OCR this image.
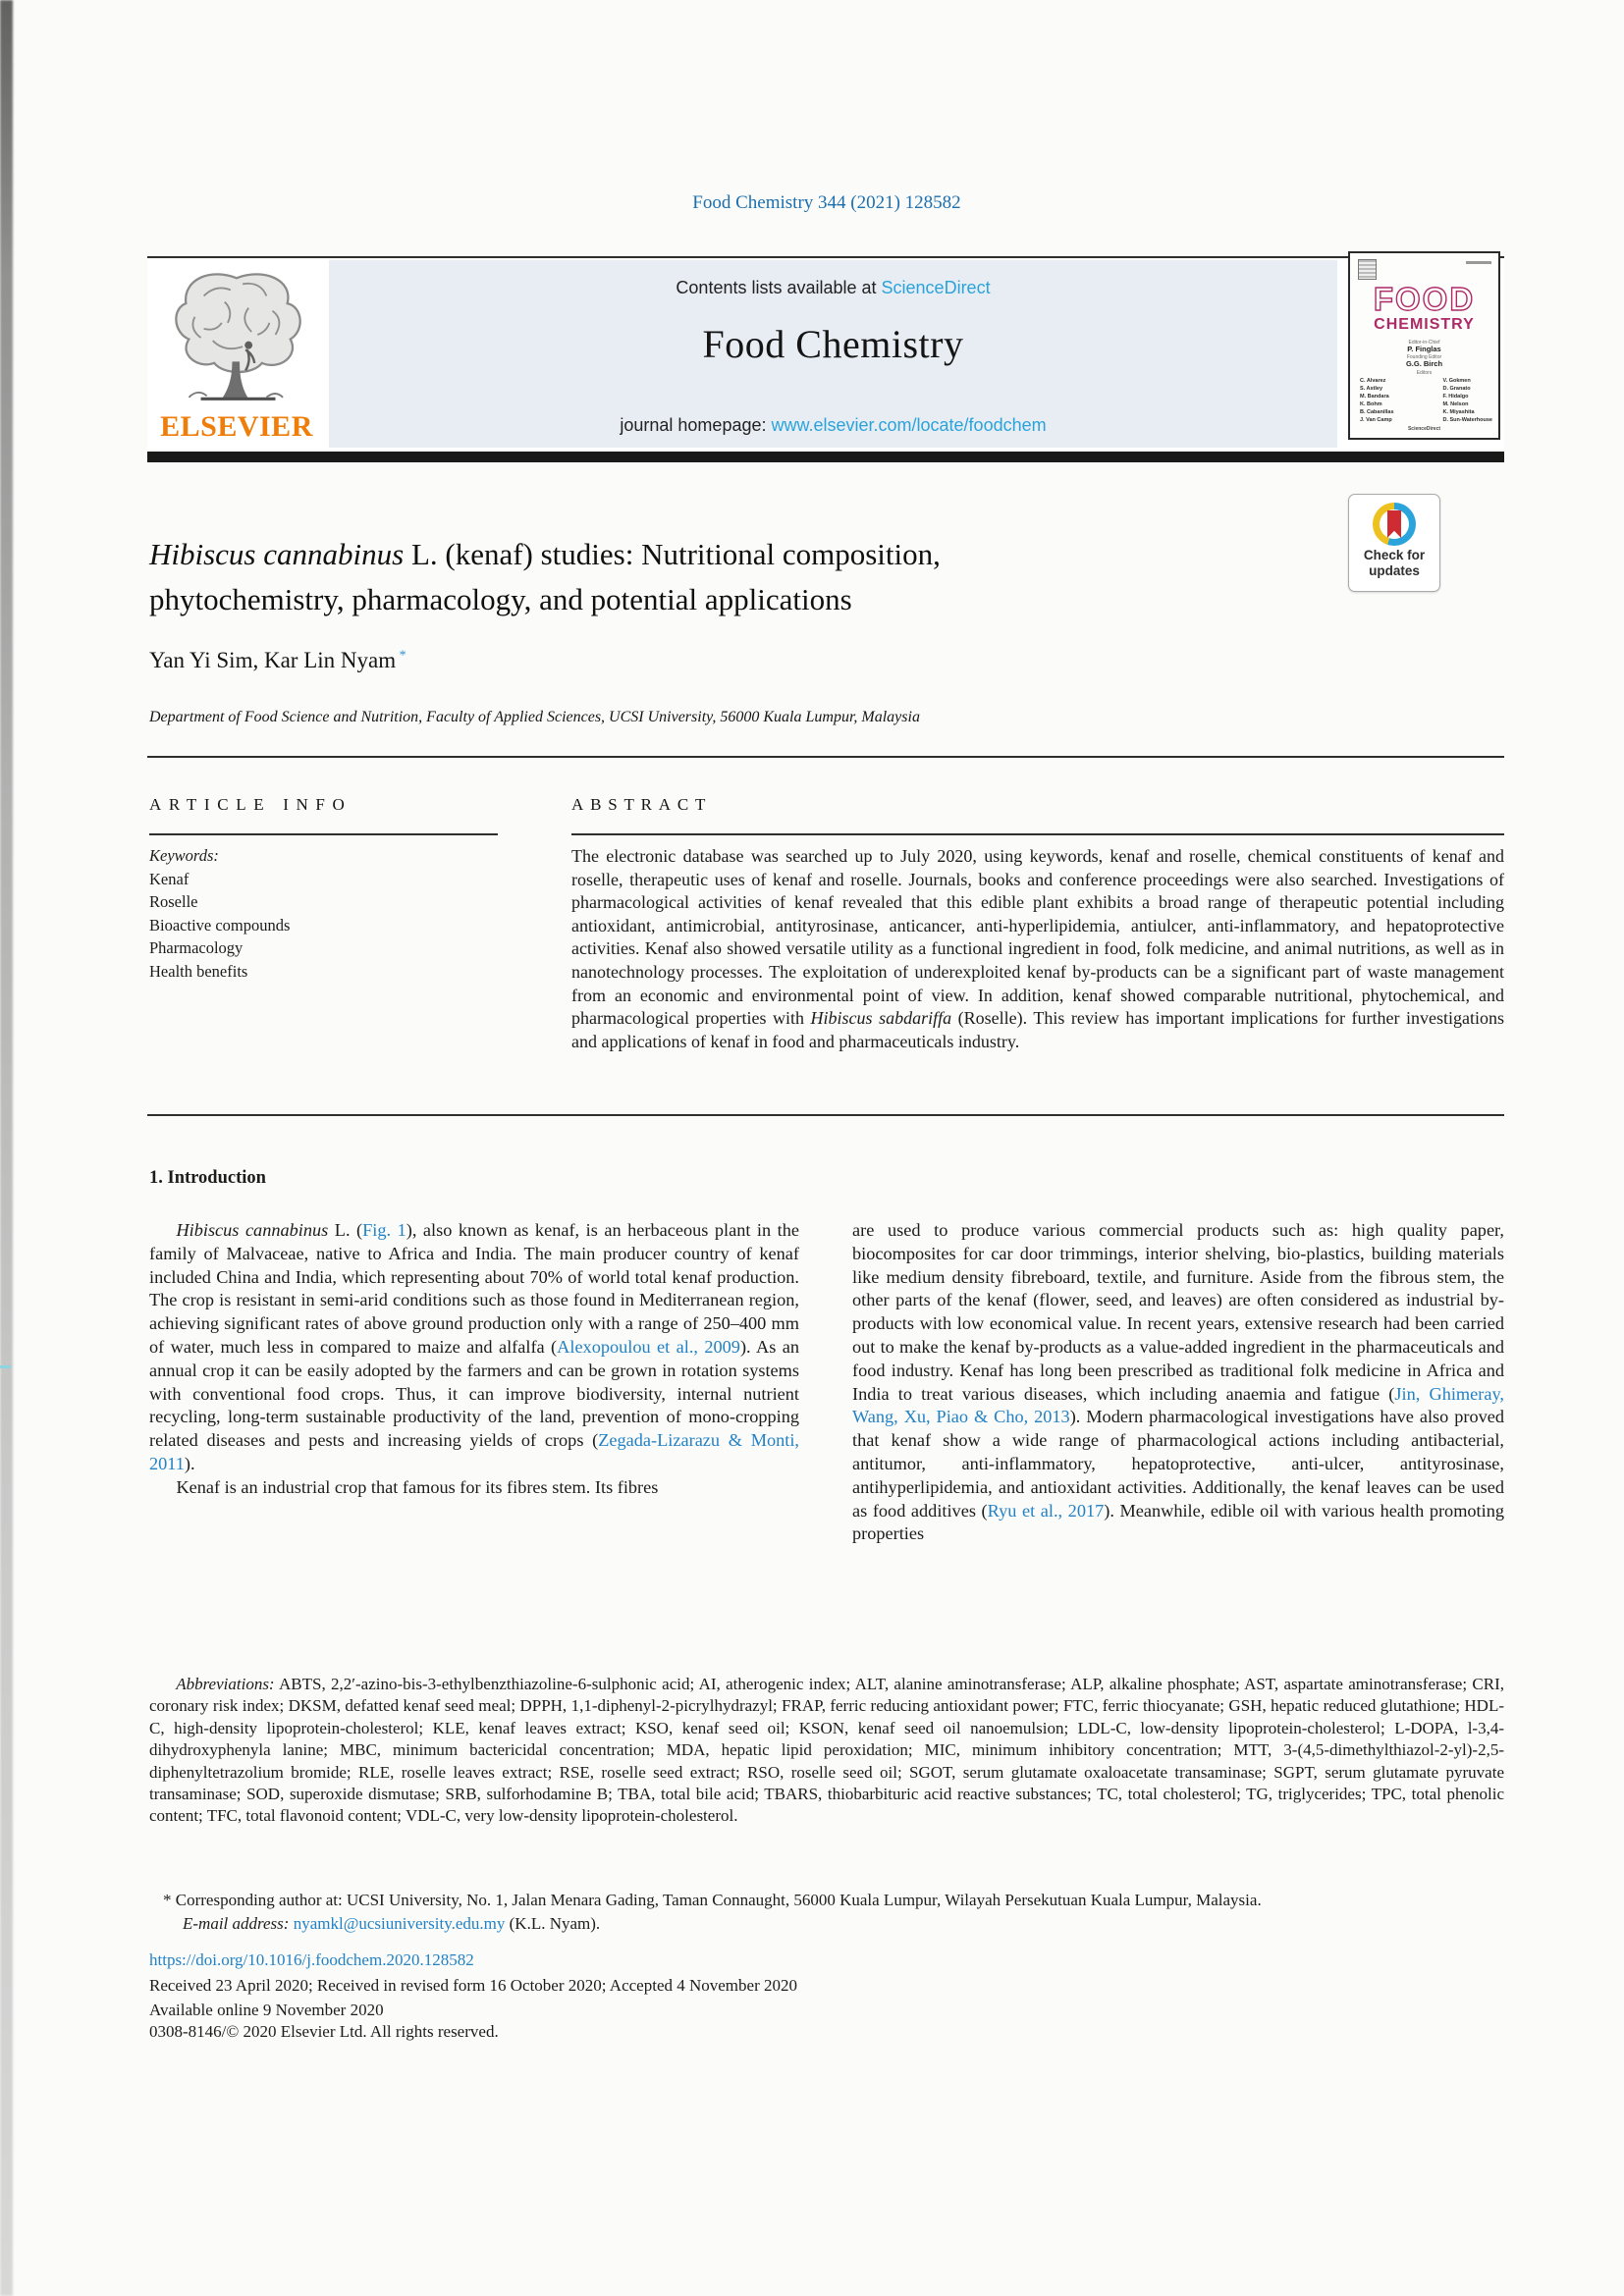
Food Chemistry 344 (2021) 128582
Contents lists available at ScienceDirect
Food Chemistry
journal homepage: www.elsevier.com/locate/foodchem
ELSEVIER
FOOD
CHEMISTRY
Editor-in-Chief
P. Finglas
Founding Editor
G.G. Birch
Editors
C. Alvarez
S. Astley
M. Bandara
K. Bohm
B. Cabanillas
J. Van Camp
V. Gokmen
D. Granato
F. Hidalgo
M. Nelson
K. Miyashita
D. Sun-Waterhouse
ScienceDirect
Check for
updates
Hibiscus cannabinus L. (kenaf) studies: Nutritional composition,
phytochemistry, pharmacology, and potential applications
Yan Yi Sim, Kar Lin Nyam *
Department of Food Science and Nutrition, Faculty of Applied Sciences, UCSI University, 56000 Kuala Lumpur, Malaysia
ARTICLE INFO
Keywords:
Kenaf
Roselle
Bioactive compounds
Pharmacology
Health benefits
ABSTRACT
The electronic database was searched up to July 2020, using keywords, kenaf and roselle, chemical constituents of kenaf and roselle, therapeutic uses of kenaf and roselle. Journals, books and conference proceedings were also searched. Investigations of pharmacological activities of kenaf revealed that this edible plant exhibits a broad range of therapeutic potential including antioxidant, antimicrobial, antityrosinase, anticancer, anti-hyperlipidemia, antiulcer, anti-inflammatory, and hepatoprotective activities. Kenaf also showed versatile utility as a functional ingredient in food, folk medicine, and animal nutritions, as well as in nanotechnology processes. The exploitation of underexploited kenaf by-products can be a significant part of waste management from an economic and environmental point of view. In addition, kenaf showed comparable nutritional, phytochemical, and pharmacological properties with Hibiscus sabdariffa (Roselle). This review has important implications for further investigations and applications of kenaf in food and pharmaceuticals industry.
1. Introduction

Hibiscus cannabinus L. (Fig. 1), also known as kenaf, is an herbaceous plant in the family of Malvaceae, native to Africa and India. The main producer country of kenaf included China and India, which representing about 70% of world total kenaf production. The crop is resistant in semi-arid conditions such as those found in Mediterranean region, achieving significant rates of above ground production only with a range of 250–400 mm of water, much less in compared to maize and alfalfa (Alexopoulou et al., 2009). As an annual crop it can be easily adopted by the farmers and can be grown in rotation systems with conventional food crops. Thus, it can improve biodiversity, internal nutrient recycling, long-term sustainable productivity of the land, prevention of mono-cropping related diseases and pests and increasing yields of crops (Zegada-Lizarazu & Monti, 2011).

Kenaf is an industrial crop that famous for its fibres stem. Its fibres

are used to produce various commercial products such as: high quality paper, biocomposites for car door trimmings, interior shelving, bio-plastics, building materials like medium density fibreboard, textile, and furniture. Aside from the fibrous stem, the other parts of the kenaf (flower, seed, and leaves) are often considered as industrial by-products with low economical value. In recent years, extensive research had been carried out to make the kenaf by-products as a value-added ingredient in the pharmaceuticals and food industry. Kenaf has long been prescribed as traditional folk medicine in Africa and India to treat various diseases, which including anaemia and fatigue (Jin, Ghimeray, Wang, Xu, Piao & Cho, 2013). Modern pharmacological investigations have also proved that kenaf show a wide range of pharmacological actions including antibacterial, antitumor, anti-inflammatory, hepatoprotective, anti-ulcer, antityrosinase, antihyperlipidemia, and antioxidant activities. Additionally, the kenaf leaves can be used as food additives (Ryu et al., 2017). Meanwhile, edible oil with various health promoting properties

Abbreviations: ABTS, 2,2′-azino-bis-3-ethylbenzthiazoline-6-sulphonic acid; AI, atherogenic index; ALT, alanine aminotransferase; ALP, alkaline phosphate; AST, aspartate aminotransferase; CRI, coronary risk index; DKSM, defatted kenaf seed meal; DPPH, 1,1-diphenyl-2-picrylhydrazyl; FRAP, ferric reducing antioxidant power; FTC, ferric thiocyanate; GSH, hepatic reduced glutathione; HDL-C, high-density lipoprotein-cholesterol; KLE, kenaf leaves extract; KSO, kenaf seed oil; KSON, kenaf seed oil nanoemulsion; LDL-C, low-density lipoprotein-cholesterol; L-DOPA, l-3,4-dihydroxyphenyla lanine; MBC, minimum bactericidal concentration; MDA, hepatic lipid peroxidation; MIC, minimum inhibitory concentration; MTT, 3-(4,5-dimethylthiazol-2-yl)-2,5-diphenyltetrazolium bromide; RLE, roselle leaves extract; RSE, roselle seed extract; RSO, roselle seed oil; SGOT, serum glutamate oxaloacetate transaminase; SGPT, serum glutamate pyruvate transaminase; SOD, superoxide dismutase; SRB, sulforhodamine B; TBA, total bile acid; TBARS, thiobarbituric acid reactive substances; TC, total cholesterol; TG, triglycerides; TPC, total phenolic content; TFC, total flavonoid content; VDL-C, very low-density lipoprotein-cholesterol.
* Corresponding author at: UCSI University, No. 1, Jalan Menara Gading, Taman Connaught, 56000 Kuala Lumpur, Wilayah Persekutuan Kuala Lumpur, Malaysia.
E-mail address: nyamkl@ucsiuniversity.edu.my (K.L. Nyam).
https://doi.org/10.1016/j.foodchem.2020.128582
Received 23 April 2020; Received in revised form 16 October 2020; Accepted 4 November 2020
Available online 9 November 2020
0308-8146/© 2020 Elsevier Ltd. All rights reserved.
